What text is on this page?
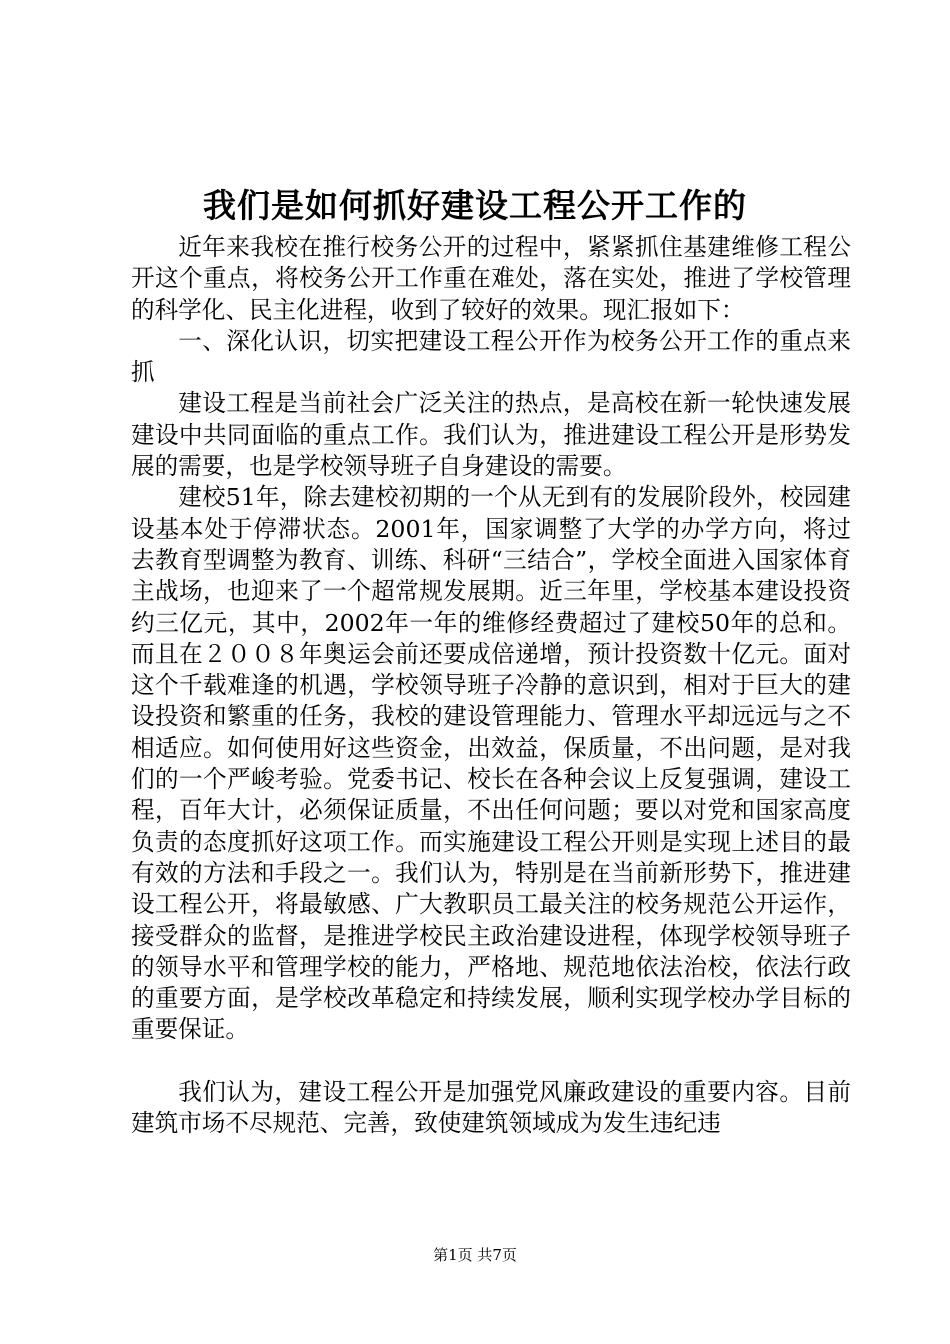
我们是如何抓好建设工程公开工作的

近年来我校在推行校务公开的过程中，紧紧抓住基建维修工程公开这个重点，将校务公开工作重在难处，落在实处，推进了学校管理的科学化、民主化进程，收到了较好的效果。现汇报如下：

一、深化认识，切实把建设工程公开作为校务公开工作的重点来抓

建设工程是当前社会广泛关注的热点，是高校在新一轮快速发展建设中共同面临的重点工作。我们认为，推进建设工程公开是形势发展的需要，也是学校领导班子自身建设的需要。

建校51年，除去建校初期的一个从无到有的发展阶段外，校园建设基本处于停滞状态。2001年，国家调整了大学的办学方向，将过去教育型调整为教育、训练、科研“三结合”，学校全面进入国家体育主战场，也迎来了一个超常规发展期。近三年里，学校基本建设投资约三亿元，其中，2002年一年的维修经费超过了建校50年的总和。而且在２００８年奥运会前还要成倍递增，预计投资数十亿元。面对这个千载难逢的机遇，学校领导班子冷静的意识到，相对于巨大的建设投资和繁重的任务，我校的建设管理能力、管理水平却远远与之不相适应。如何使用好这些资金，出效益，保质量，不出问题，是对我们的一个严峻考验。党委书记、校长在各种会议上反复强调，建设工程，百年大计，必须保证质量，不出任何问题；要以对党和国家高度负责的态度抓好这项工作。而实施建设工程公开则是实现上述目的最有效的方法和手段之一。我们认为，特别是在当前新形势下，推进建设工程公开，将最敏感、广大教职员工最关注的校务规范公开运作，接受群众的监督，是推进学校民主政治建设进程，体现学校领导班子的领导水平和管理学校的能力，严格地、规范地依法治校，依法行政的重要方面，是学校改革稳定和持续发展，顺利实现学校办学目标的重要保证。

我们认为，建设工程公开是加强党风廉政建设的重要内容。目前建筑市场不尽规范、完善，致使建筑领域成为发生违纪违

第1页 共7页
